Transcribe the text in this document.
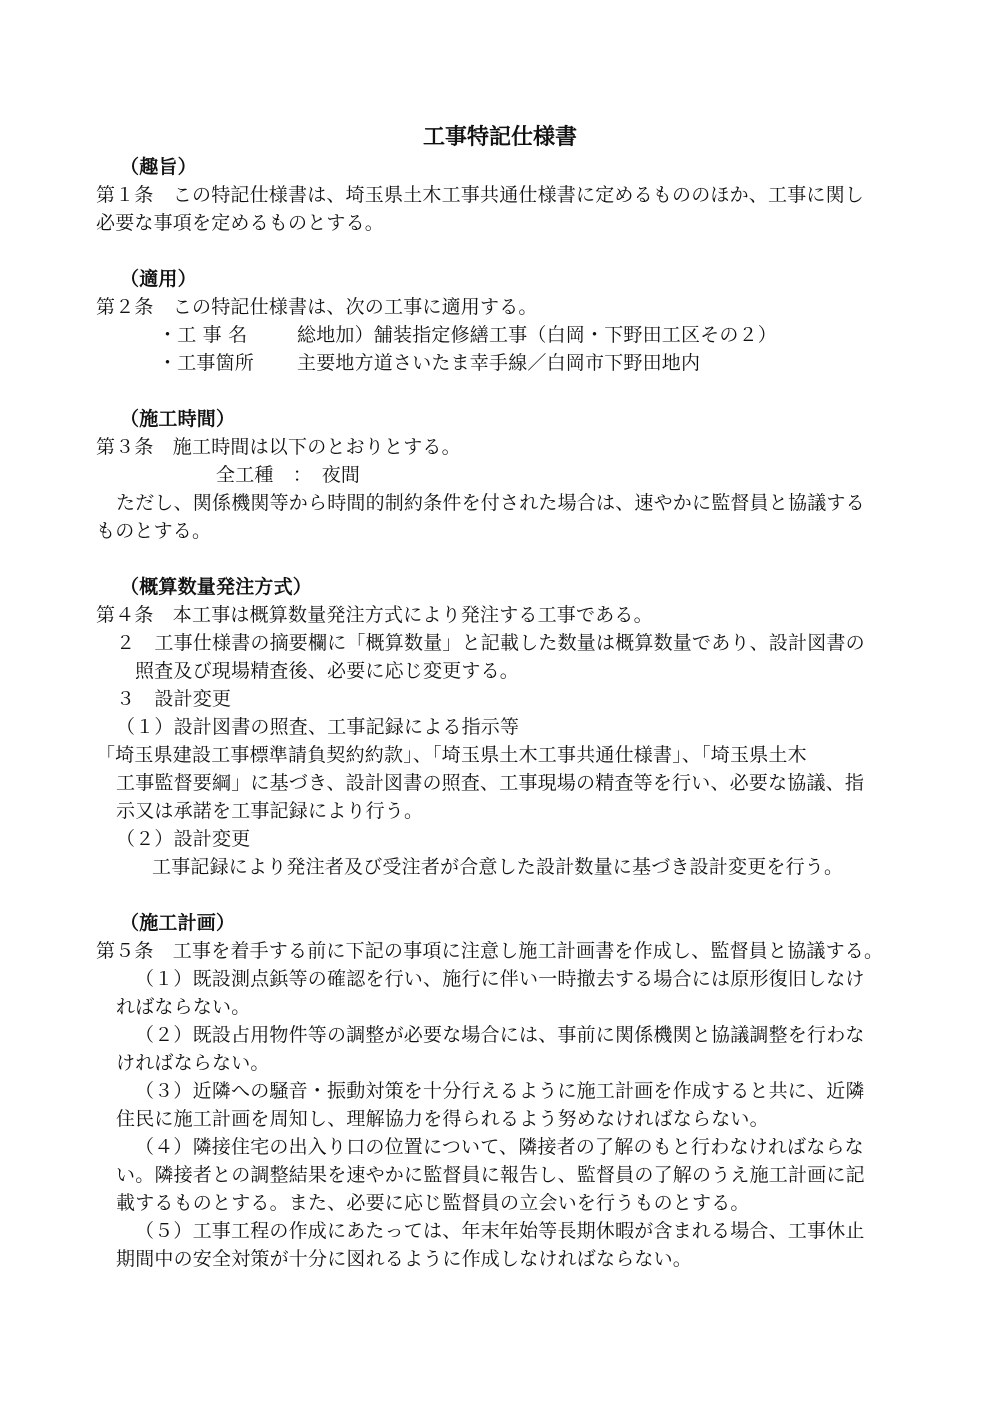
工事特記仕様書
（趣旨）
第１条　この特記仕様書は、埼玉県土木工事共通仕様書に定めるもののほか、工事に関し
必要な事項を定めるものとする。
（適用）
第２条　この特記仕様書は、次の工事に適用する。
・工 事 名	総地加）舗装指定修繕工事（白岡・下野田工区その２）
・工事箇所 主要地方道さいたま幸手線／白岡市下野田地内
（施工時間）
第３条　施工時間は以下のとおりとする。
全工種　：　夜間
ただし、関係機関等から時間的制約条件を付された場合は、速やかに監督員と協議する
ものとする。
（概算数量発注方式）
第４条　本工事は概算数量発注方式により発注する工事である。
２　工事仕様書の摘要欄に「概算数量」と記載した数量は概算数量であり、設計図書の
照査及び現場精査後、必要に応じ変更する。
３　設計変更
（１）設計図書の照査、工事記録による指示等
「埼玉県建設工事標準請負契約約款」、「埼玉県土木工事共通仕様書」、「埼玉県土木
工事監督要綱」に基づき、設計図書の照査、工事現場の精査等を行い、必要な協議、指
示又は承諾を工事記録により行う。
（２）設計変更
工事記録により発注者及び受注者が合意した設計数量に基づき設計変更を行う。
（施工計画）
第５条　工事を着手する前に下記の事項に注意し施工計画書を作成し、監督員と協議する。
（１）既設測点鋲等の確認を行い、施行に伴い一時撤去する場合には原形復旧しなけ
ればならない。
（２）既設占用物件等の調整が必要な場合には、事前に関係機関と協議調整を行わな
ければならない。
（３）近隣への騒音・振動対策を十分行えるように施工計画を作成すると共に、近隣
住民に施工計画を周知し、理解協力を得られるよう努めなければならない。
（４）隣接住宅の出入り口の位置について、隣接者の了解のもと行わなければならな
い。隣接者との調整結果を速やかに監督員に報告し、監督員の了解のうえ施工計画に記
載するものとする。また、必要に応じ監督員の立会いを行うものとする。
（５）工事工程の作成にあたっては、年末年始等長期休暇が含まれる場合、工事休止
期間中の安全対策が十分に図れるように作成しなければならない。
